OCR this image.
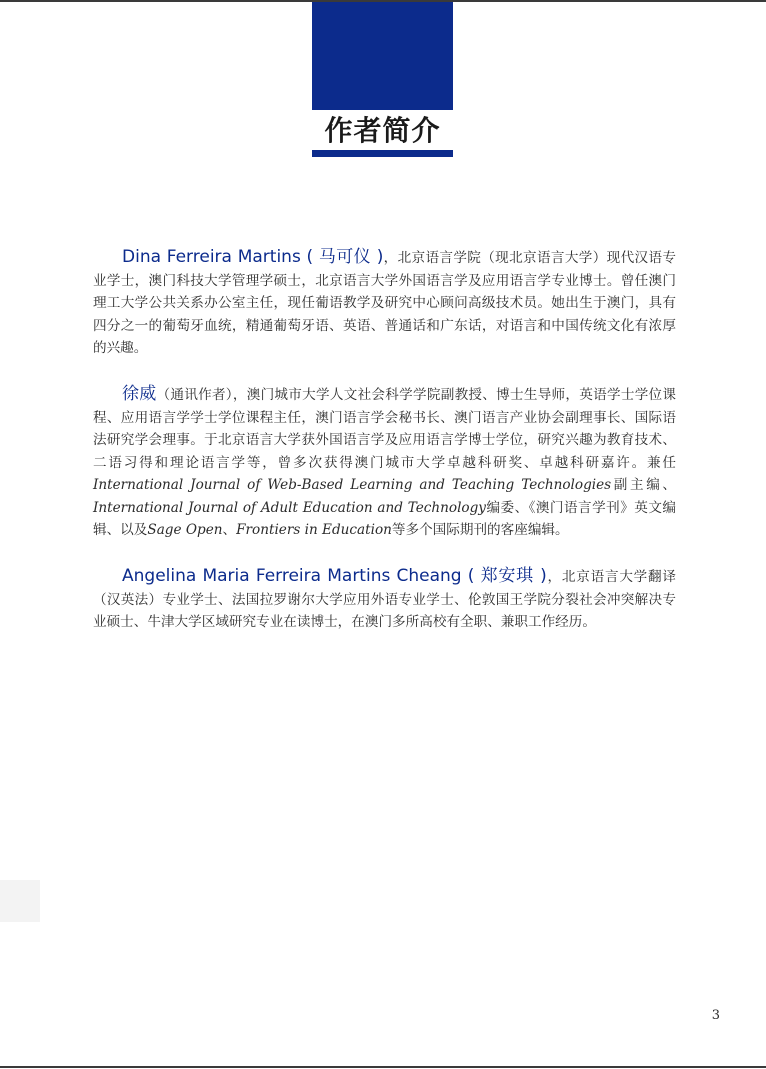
作者简介

Dina Ferreira Martins ( 马可仪 )，北京语言学院（现北京语言大学）现代汉语专业学士，澳门科技大学管理学硕士，北京语言大学外国语言学及应用语言学专业博士。曾任澳门理工大学公共关系办公室主任，现任葡语教学及研究中心顾问高级技术员。她出生于澳门，具有四分之一的葡萄牙血统，精通葡萄牙语、英语、普通话和广东话，对语言和中国传统文化有浓厚的兴趣。

徐威（通讯作者），澳门城市大学人文社会科学学院副教授、博士生导师，英语学士学位课程、应用语言学学士学位课程主任，澳门语言学会秘书长、澳门语言产业协会副理事长、国际语法研究学会理事。于北京语言大学获外国语言学及应用语言学博士学位，研究兴趣为教育技术、二语习得和理论语言学等，曾多次获得澳门城市大学卓越科研奖、卓越科研嘉许。兼任International Journal of Web-Based Learning and Teaching Technologies副主编、International Journal of Adult Education and Technology编委、《澳门语言学刊》英文编辑、以及Sage Open、Frontiers in Education等多个国际期刊的客座编辑。

Angelina Maria Ferreira Martins Cheang ( 郑安琪 )，北京语言大学翻译（汉英法）专业学士、法国拉罗谢尔大学应用外语专业学士、伦敦国王学院分裂社会冲突解决专业硕士、牛津大学区域研究专业在读博士，在澳门多所高校有全职、兼职工作经历。

3
